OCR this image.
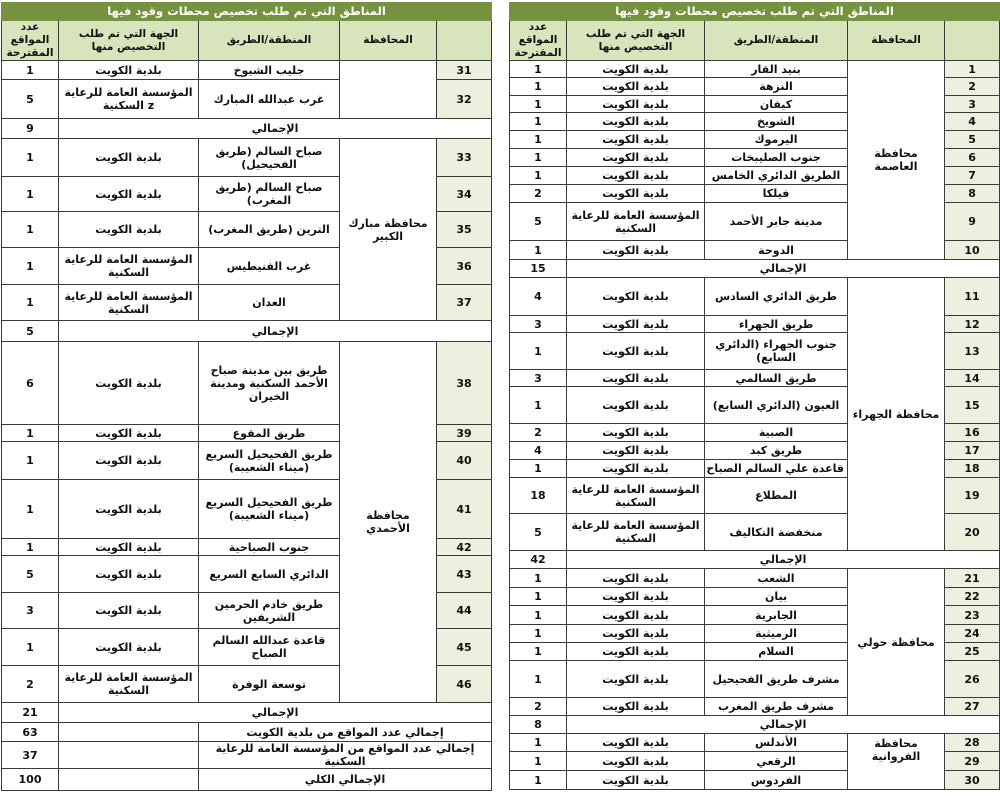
المناطق التي تم طلب تخصيص محطات وقود فيها				
	المحافظة	المنطقة/الطريق	الجهة التي تم طلب التخصيص منها	عدد المواقع المقترحة
31		جليب الشيوخ	بلدية الكويت	1
32		غرب عبدالله المبارك	المؤسسة العامة للرعاية z السكنية	5
الإجمالي				9
33	محافظة مبارك الكبير	صباح السالم (طريق الفحيحيل)	بلدية الكويت	1
34		صباح السالم (طريق المغرب)	بلدية الكويت	1
35		الترين (طريق المغرب)	بلدية الكويت	1
36		غرب الفنيطيس	المؤسسة العامة للرعاية السكنية	1
37		العدان	المؤسسة العامة للرعاية السكنية	1
الإجمالي				5
38	محافظة الأحمدي	طريق بين مدينة صباح الأحمد السكنية ومدينة الخيران	بلدية الكويت	6
39		طريق المقوع	بلدية الكويت	1
40		طريق الفحيحيل السريع (ميناء الشعيبة)	بلدية الكويت	1
41		طريق الفحيحيل السريع (ميناء الشعيبة)	بلدية الكويت	1
42		جنوب الصباحية	بلدية الكويت	1
43		الدائري السابع السريع	بلدية الكويت	5
44		طريق خادم الحرمين الشريفين	بلدية الكويت	3
45		قاعدة عبدالله السالم الصباح	بلدية الكويت	1
46		توسعة الوفرة	المؤسسة العامة للرعاية السكنية	2
الإجمالي				21
إجمالي عدد المواقع من بلدية الكويت				63
إجمالي عدد المواقع من المؤسسة العامة للرعاية السكنية				37
الإجمالي الكلي				100
المناطق التي تم طلب تخصيص محطات وقود فيها				
	المحافظة	المنطقة/الطريق	الجهة التي تم طلب التخصيص منها	عدد المواقع المقترحة
1	محافظة العاصمة	بنيد القار	بلدية الكويت	1
2		النزهة	بلدية الكويت	1
3		كيفان	بلدية الكويت	1
4		الشويخ	بلدية الكويت	1
5		اليرموك	بلدية الكويت	1
6		جنوب الصليبخات	بلدية الكويت	1
7		الطريق الدائري الخامس	بلدية الكويت	1
8		فيلكا	بلدية الكويت	2
9		مدينة جابر الأحمد	المؤسسة العامة للرعاية السكنية	5
10		الدوحة	بلدية الكويت	1
الإجمالي				15
11	محافظة الجهراء	طريق الدائري السادس	بلدية الكويت	4
12		طريق الجهراء	بلدية الكويت	3
13		جنوب الجهراء (الدائري السابع)	بلدية الكويت	1
14		طريق السالمي	بلدية الكويت	3
15		العيون (الدائري السابع)	بلدية الكويت	1
16		الصبية	بلدية الكويت	2
17		طريق كبد	بلدية الكويت	4
18		قاعدة علي السالم الصباح	بلدية الكويت	1
19		المطلاع	المؤسسة العامة للرعاية السكنية	18
20		منخفضة التكاليف	المؤسسة العامة للرعاية السكنية	5
الإجمالي				42
21	محافظة حولي	الشعب	بلدية الكويت	1
22		بيان	بلدية الكويت	1
23		الجابرية	بلدية الكويت	1
24		الرميثية	بلدية الكويت	1
25		السلام	بلدية الكويت	1
26		مشرف طريق الفحيحيل	بلدية الكويت	1
27		مشرف طريق المغرب	بلدية الكويت	2
الإجمالي				8
28	محافظة الفروانية	الأندلس	بلدية الكويت	1
29		الرقعي	بلدية الكويت	1
30		الفردوس	بلدية الكويت	1
